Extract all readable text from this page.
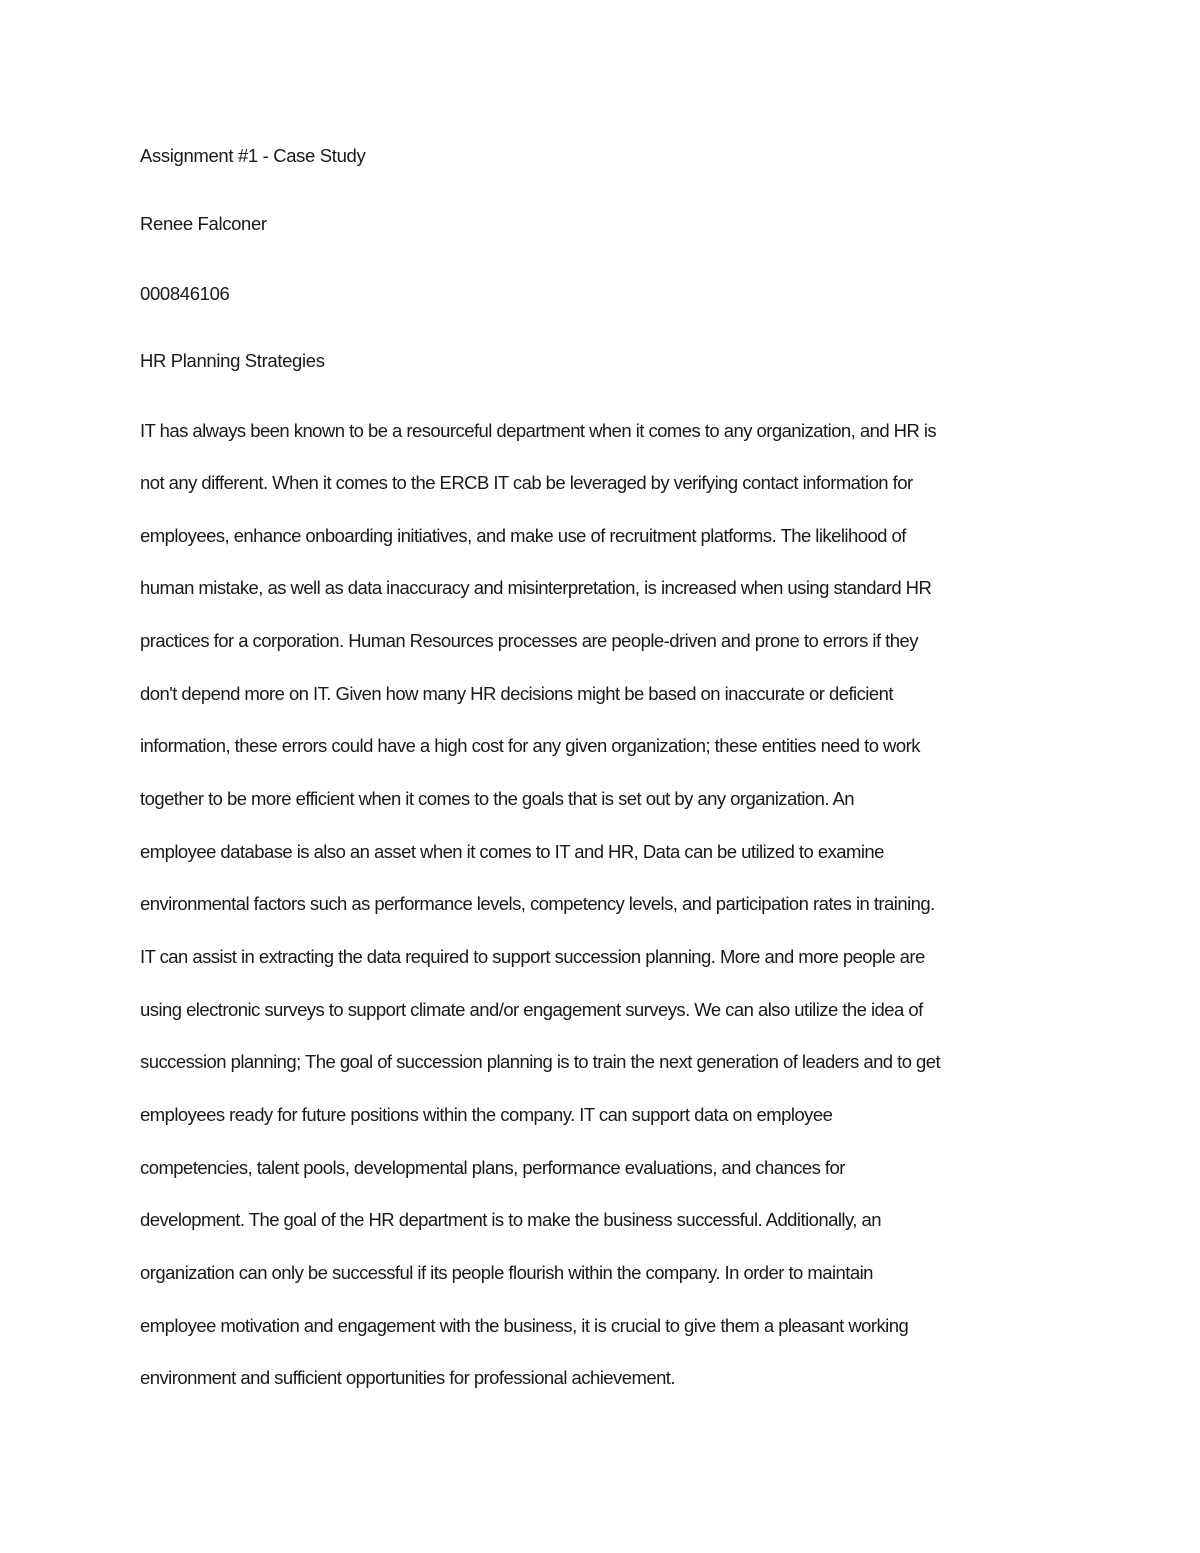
Assignment #1 - Case Study
Renee Falconer
000846106
HR Planning Strategies
IT has always been known to be a resourceful department when it comes to any organization, and HR is
not any different. When it comes to the ERCB IT cab be leveraged by verifying contact information for
employees, enhance onboarding initiatives, and make use of recruitment platforms. The likelihood of
human mistake, as well as data inaccuracy and misinterpretation, is increased when using standard HR
practices for a corporation. Human Resources processes are people-driven and prone to errors if they
don't depend more on IT. Given how many HR decisions might be based on inaccurate or deficient
information, these errors could have a high cost for any given organization; these entities need to work
together to be more efficient when it comes to the goals that is set out by any organization. An
employee database is also an asset when it comes to IT and HR, Data can be utilized to examine
environmental factors such as performance levels, competency levels, and participation rates in training.
IT can assist in extracting the data required to support succession planning. More and more people are
using electronic surveys to support climate and/or engagement surveys. We can also utilize the idea of
succession planning; The goal of succession planning is to train the next generation of leaders and to get
employees ready for future positions within the company. IT can support data on employee
competencies, talent pools, developmental plans, performance evaluations, and chances for
development. The goal of the HR department is to make the business successful. Additionally, an
organization can only be successful if its people flourish within the company. In order to maintain
employee motivation and engagement with the business, it is crucial to give them a pleasant working
environment and sufficient opportunities for professional achievement.
